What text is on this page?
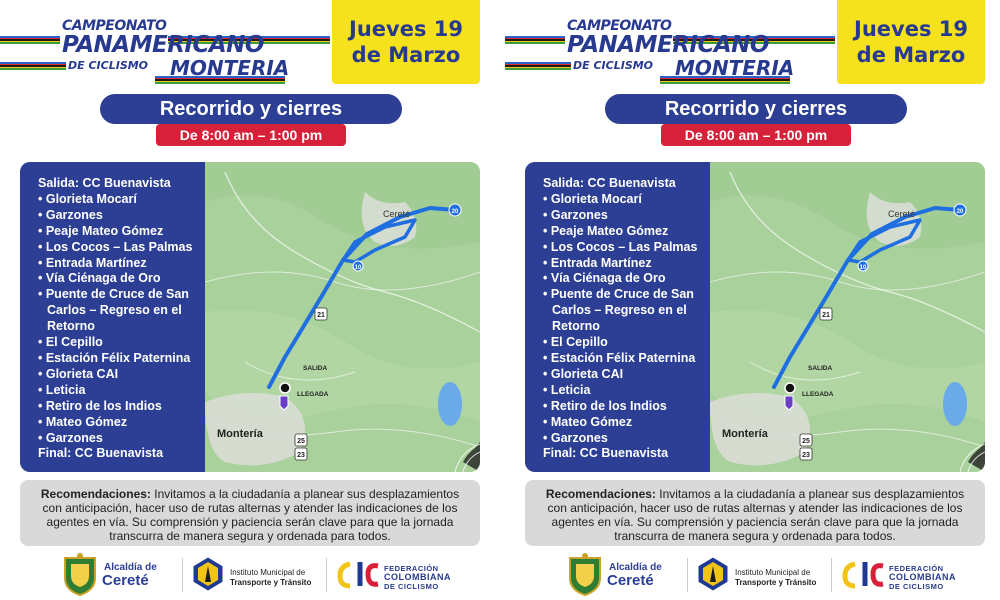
CAMPEONATO
PANAMERICANO
DE CICLISMO MONTERIA
Jueves 19
de Marzo
Recorrido y cierres
De 8:00 am – 1:00 pm
Salida: CC Buenavista
• Glorieta Mocarí
• Garzones
• Peaje Mateo Gómez
• Los Cocos – Las Palmas
• Entrada Martínez
• Vía Ciénaga de Oro
• Puente de Cruce de San
Carlos – Regreso en el
Retorno
• El Cepillo
• Estación Félix Paternina
• Glorieta CAI
• Leticia
• Retiro de los Indios
• Mateo Gómez
• Garzones
Final: CC Buenavista
20
10
21
23
25
SALIDA
LLEGADA
Cereté
Montería
Recomendaciones: Invitamos a la ciudadanía a planear sus desplazamientos con anticipación, hacer uso de rutas alternas y atender las indicaciones de los agentes en vía. Su comprensión y paciencia serán clave para que la jornada transcurra de manera segura y ordenada para todos.
Alcaldía de
Cereté	Instituto Municipal de
Transporte y Tránsito
FEDERACIÓN
COLOMBIANA
DE CICLISMO
CAMPEONATO
PANAMERICANO
DE CICLISMO MONTERIA
Jueves 19
de Marzo
Recorrido y cierres
De 8:00 am – 1:00 pm
Salida: CC Buenavista
• Glorieta Mocarí
• Garzones
• Peaje Mateo Gómez
• Los Cocos – Las Palmas
• Entrada Martínez
• Vía Ciénaga de Oro
• Puente de Cruce de San
Carlos – Regreso en el
Retorno
• El Cepillo
• Estación Félix Paternina
• Glorieta CAI
• Leticia
• Retiro de los Indios
• Mateo Gómez
• Garzones
Final: CC Buenavista
20
10
21
23
25
SALIDA
LLEGADA
Cereté
Montería
Recomendaciones: Invitamos a la ciudadanía a planear sus desplazamientos con anticipación, hacer uso de rutas alternas y atender las indicaciones de los agentes en vía. Su comprensión y paciencia serán clave para que la jornada transcurra de manera segura y ordenada para todos.
Alcaldía de
Cereté	Instituto Municipal de
Transporte y Tránsito
FEDERACIÓN
COLOMBIANA
DE CICLISMO
